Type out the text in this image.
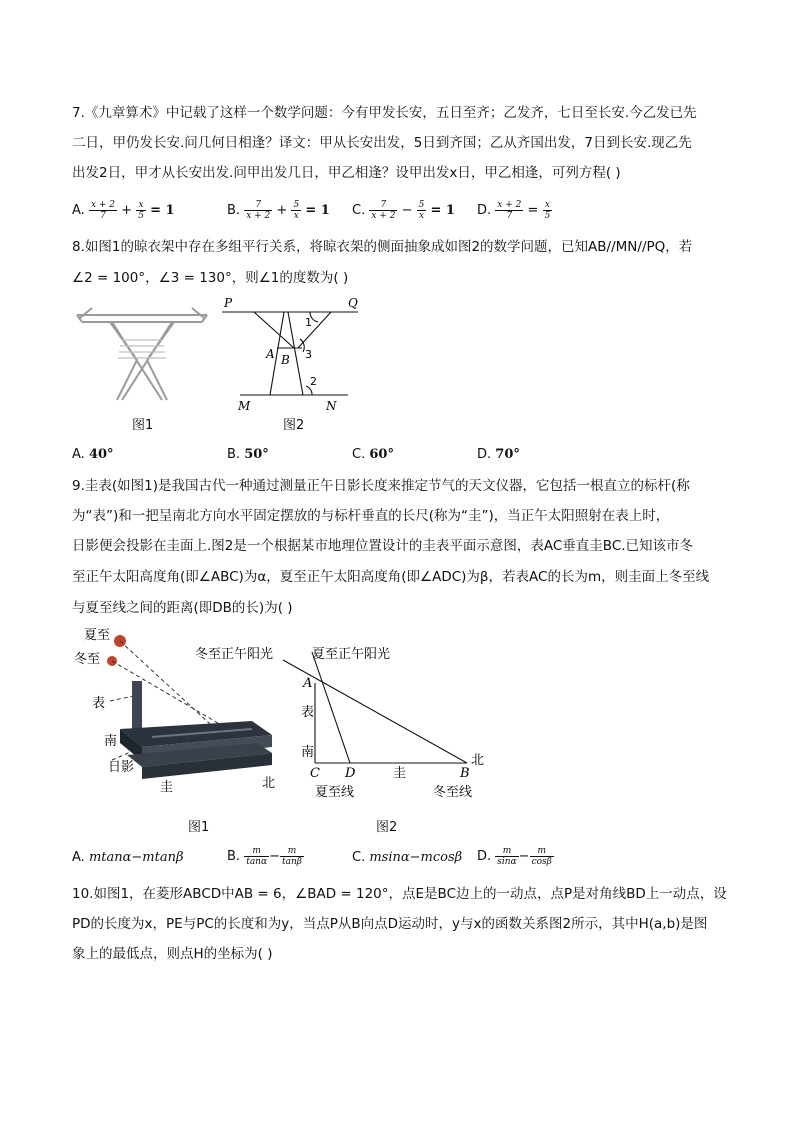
7.《九章算术》中记载了这样一个数学问题：今有甲发长安，五日至齐；乙发齐，七日至长安.今乙发已先
二日，甲仍发长安.问几何日相逢？译文：甲从长安出发，5日到齐国；乙从齐国出发，7日到长安.现乙先
出发2日，甲才从长安出发.问甲出发几日，甲乙相逢？设甲出发x日，甲乙相逢，可列方程( )
A. $\frac{x + 2}{7} + \frac{x}{5} = 1$	B. $\frac{7}{x + 2} + \frac{5}{x} = 1$ C. $\frac{7}{x + 2} - \frac{5}{x} = 1$ D. $\frac{x + 2}{7} = \frac{x}{5}$
8.如图1的晾衣架中存在多组平行关系，将晾衣架的侧面抽象成如图2的数学问题，已知AB//MN//PQ，若
∠2 = 100°，∠3 = 130°，则∠1的度数为( )
图1
P	Q
A B
1
3
2
M	N
图2
A. 40°	B. 50°	C. 60°	D. 70°
9.圭表(如图1)是我国古代一种通过测量正午日影长度来推定节气的天文仪器，它包括一根直立的标杆(称
为“表”)和一把呈南北方向水平固定摆放的与标杆垂直的长尺(称为“圭”)，当正午太阳照射在表上时，
日影便会投影在圭面上.图2是一个根据某市地理位置设计的圭表平面示意图，表AC垂直圭BC.已知该市冬
至正午太阳高度角(即∠ABC)为α，夏至正午太阳高度角(即∠ADC)为β，若表AC的长为m，则圭面上冬至线
与夏至线之间的距离(即DB的长)为( )
夏至
冬至
表
南
日影
圭	北
图1
冬至正午阳光	夏至正午阳光
A
表
南
C D	圭	B
北
夏至线	冬至线
图2
A. mtanα−mtanβ	B. $\frac{m}{\tan\alpha} - \frac{m}{\tan\beta}$	C. msinα−mcosβ D. $\frac{m}{\sin\alpha} - \frac{m}{\cos\beta}$
10.如图1，在菱形ABCD中AB = 6，∠BAD = 120°，点E是BC边上的一动点，点P是对角线BD上一动点，设
PD的长度为x，PE与PC的长度和为y，当点P从B向点D运动时，y与x的函数关系图2所示，其中H(a,b)是图
象上的最低点，则点H的坐标为( )
